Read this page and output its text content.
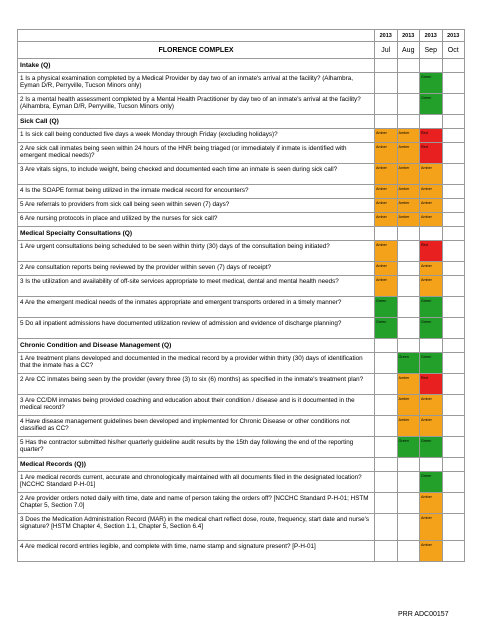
	2013	2013	2013	2013
FLORENCE COMPLEX	Jul	Aug	Sep	Oct
Intake (Q)				
1 Is a physical examination completed by a Medical Provider by day two of an inmate's arrival at the facility? (Alhambra, Eyman D/R, Perryville, Tucson Minors only)			Green	
2 Is a mental health assessment completed by a Mental Health Practitioner by day two of an inmate's arrival at the facility? (Alhambra, Eyman D/R, Perryville, Tucson Minors only)			Green	
Sick Call (Q)				
1 Is sick call being conducted five days a week Monday through Friday (excluding holidays)?	Amber	Amber	Red	
2 Are sick call inmates being seen within 24 hours of the HNR being triaged (or immediately if inmate is identified with emergent medical needs)?	Amber	Amber	Red	
3 Are vitals signs, to include weight, being checked and documented each time an inmate is seen during sick call?	Amber	Amber	Amber	
4 Is the SOAPE format being utilized in the inmate medical record for encounters?	Amber	Amber	Amber	
5 Are referrals to providers from sick call being seen within seven (7) days?	Amber	Amber	Amber	
6 Are nursing protocols in place and utilized by the nurses for sick call?	Amber	Amber	Amber	
Medical Specialty Consultations (Q)				
1 Are urgent consultations being scheduled to be seen within thirty (30) days of the consultation being initiated?	Amber		Red	
2 Are consultation reports being reviewed by the provider within seven (7) days of receipt?	Amber		Amber	
3 Is the utilization and availability of off-site services appropriate to meet medical, dental and mental health needs?	Amber		Amber	
4 Are the emergent medical needs of the inmates appropriate and emergent transports ordered in a timely manner?	Green		Green	
5 Do all inpatient admissions have documented utilization review of admission and evidence of discharge planning?	Green		Green	
Chronic Condition and Disease Management (Q)				
1 Are treatment plans developed and documented in the medical record by a provider within thirty (30) days of identification that the inmate has a CC?		Green	Green	
2 Are CC inmates being seen by the provider (every three (3) to six (6) months) as specified in the inmate's treatment plan?		Amber	Red	
3 Are CC/DM inmates being provided coaching and education about their condition / disease and is it documented in the medical record?		Amber	Amber	
4 Have disease management guidelines been developed and implemented for Chronic Disease or other conditions not classified as CC?		Amber	Amber	
5 Has the contractor submitted his/her quarterly guideline audit results by the 15th day following the end of the reporting quarter?		Green	Green	
Medical Records (Q))				
1 Are medical records current, accurate and chronologically maintained with all documents filed in the designated location? [NCCHC Standard P-H-01]			Green	
2 Are provider orders noted daily with time, date and name of person taking the orders off? [NCCHC Standard P-H-01; HSTM Chapter 5, Section 7.0]			Amber	
3 Does the Medication Administration Record (MAR) in the medical chart reflect dose, route, frequency, start date and nurse's signature? [HSTM Chapter 4, Section 1.1, Chapter 5, Section 6.4]			Amber	
4 Are medical record entries legible, and complete with time, name stamp and signature present? [P-H-01]			Amber	
PRR ADC00157
